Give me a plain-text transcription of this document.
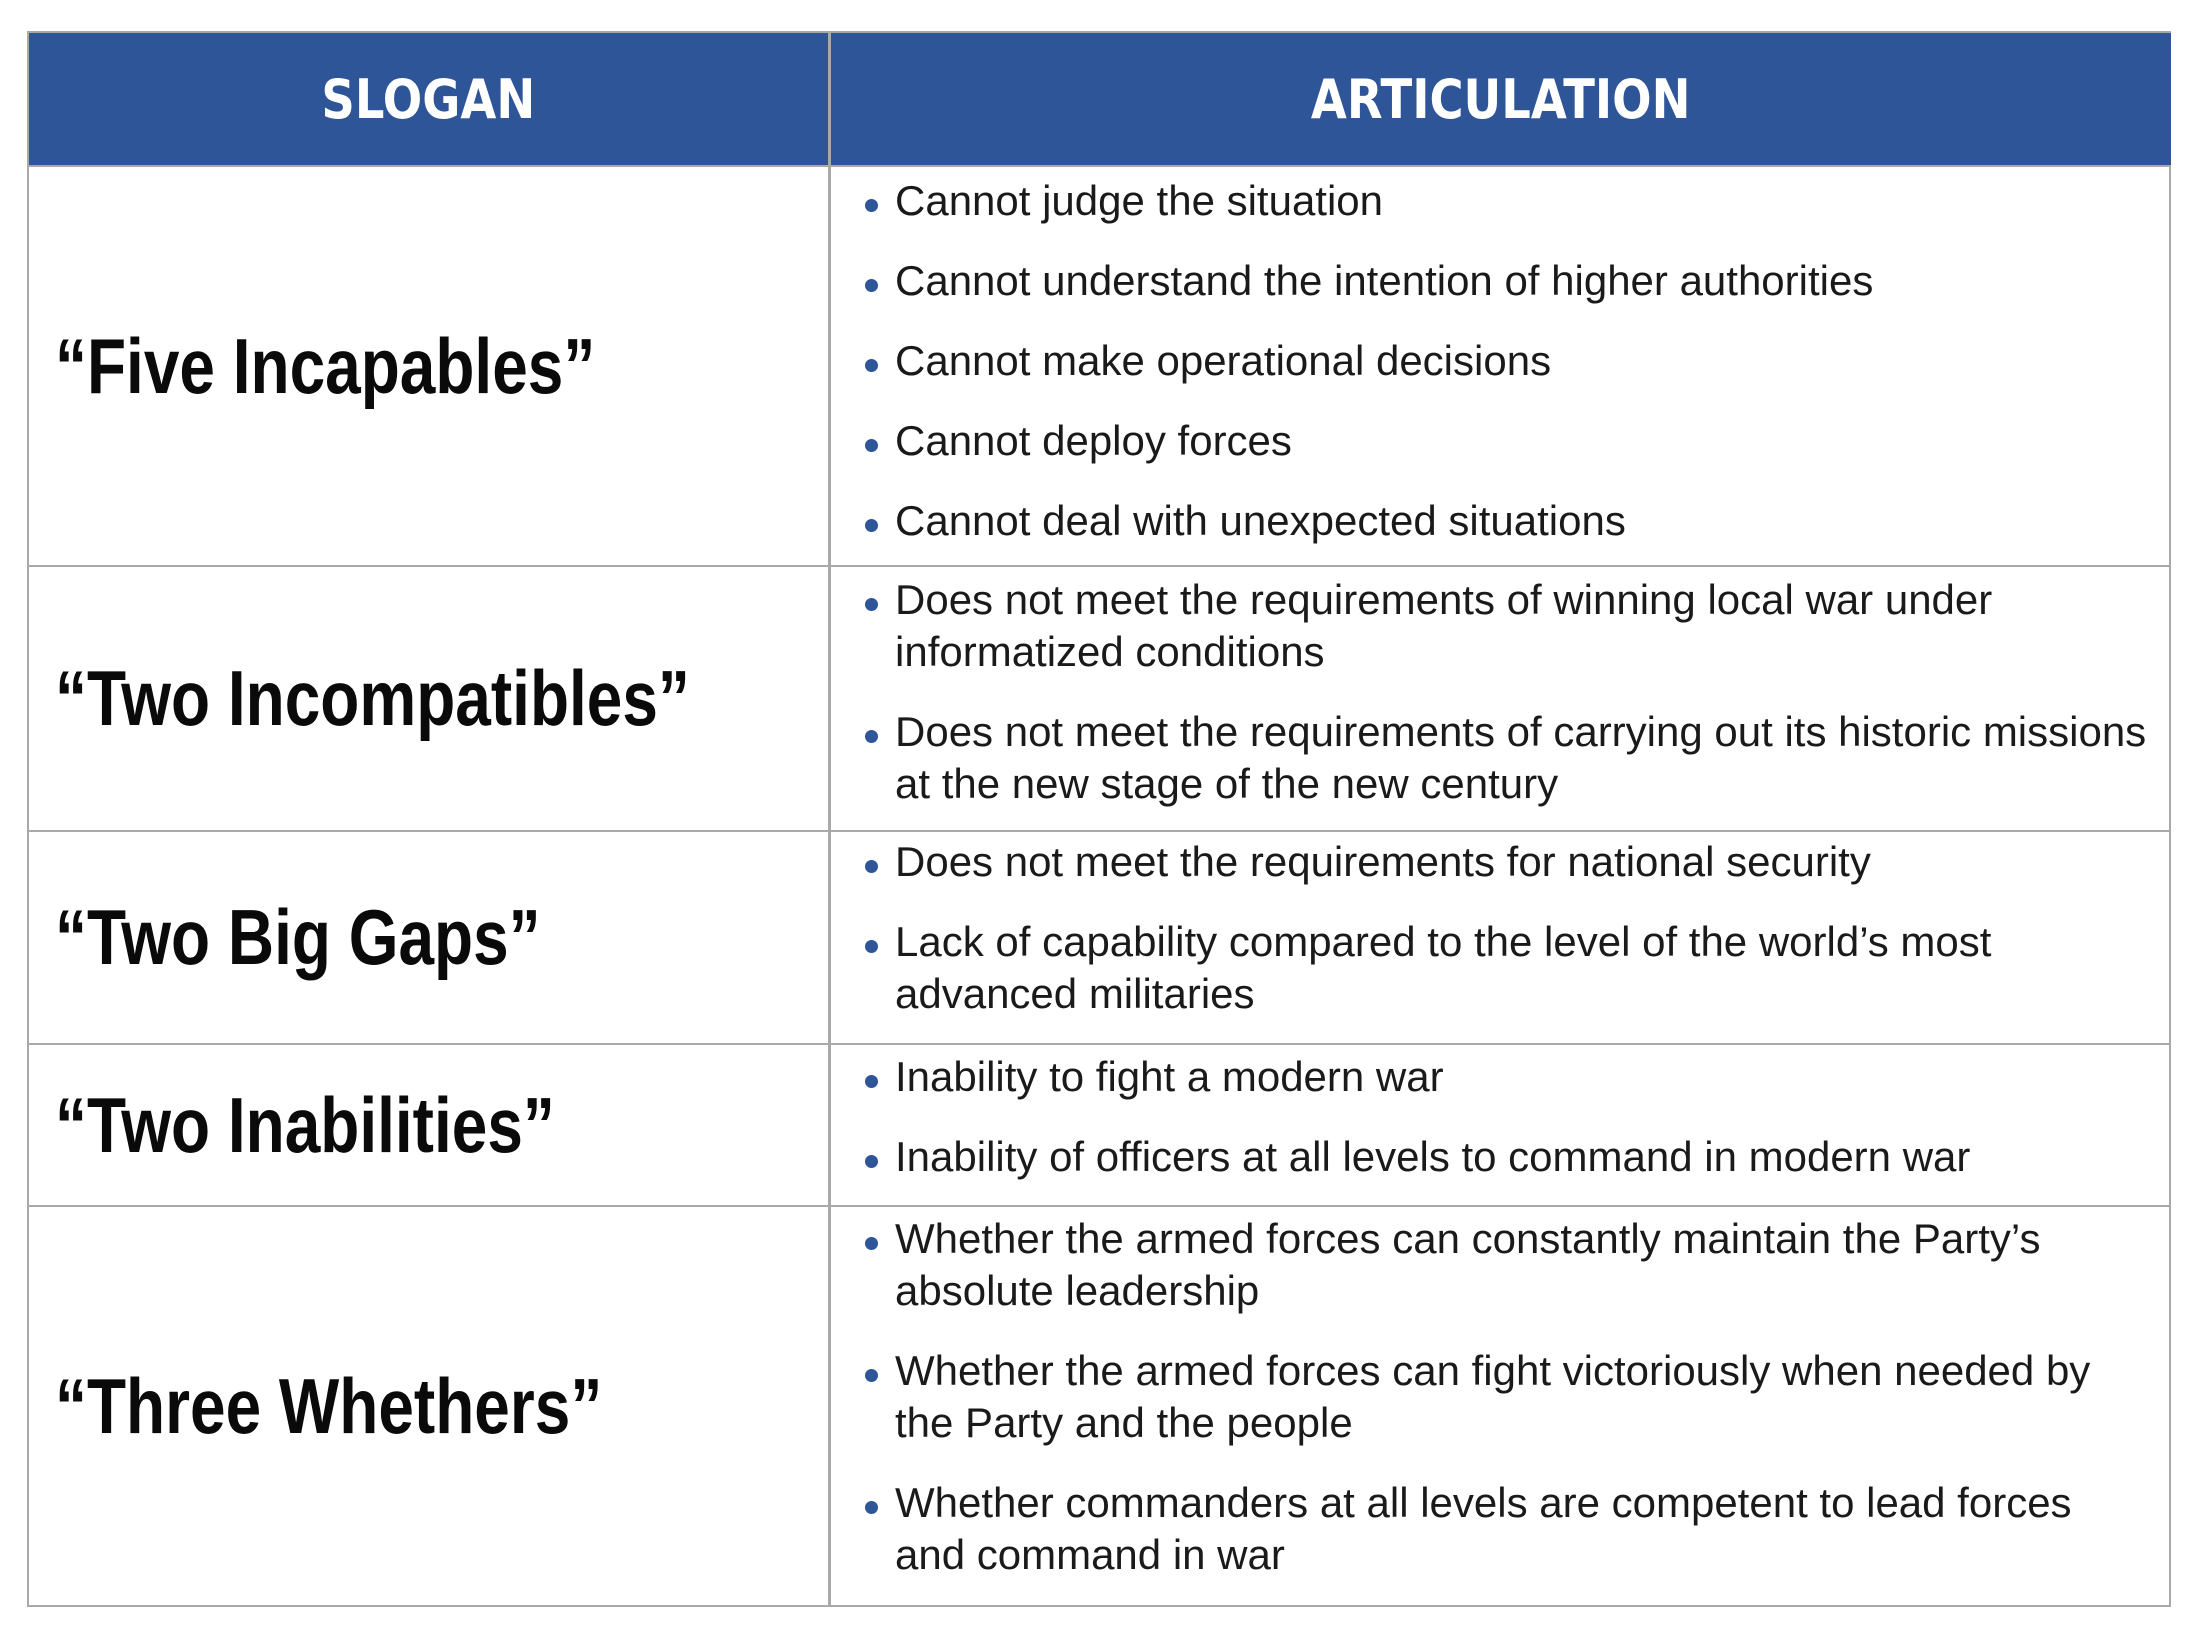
SLOGAN	ARTICULATION
“Five Incapables”
Cannot judge the situation
Cannot understand the intention of higher authorities
Cannot make operational decisions
Cannot deploy forces
Cannot deal with unexpected situations
“Two Incompatibles”
Does not meet the requirements of winning local war under informatized conditions
Does not meet the requirements of carrying out its historic missions at the new stage of the new century
“Two Big Gaps”
Does not meet the requirements for national security
Lack of capability compared to the level of the world’s most advanced militaries
“Two Inabilities”
Inability to fight a modern war
Inability of officers at all levels to command in modern war
“Three Whethers”
Whether the armed forces can constantly maintain the Party’s absolute leadership
Whether the armed forces can fight victoriously when needed by the Party and the people
Whether commanders at all levels are competent to lead forces and command in war
